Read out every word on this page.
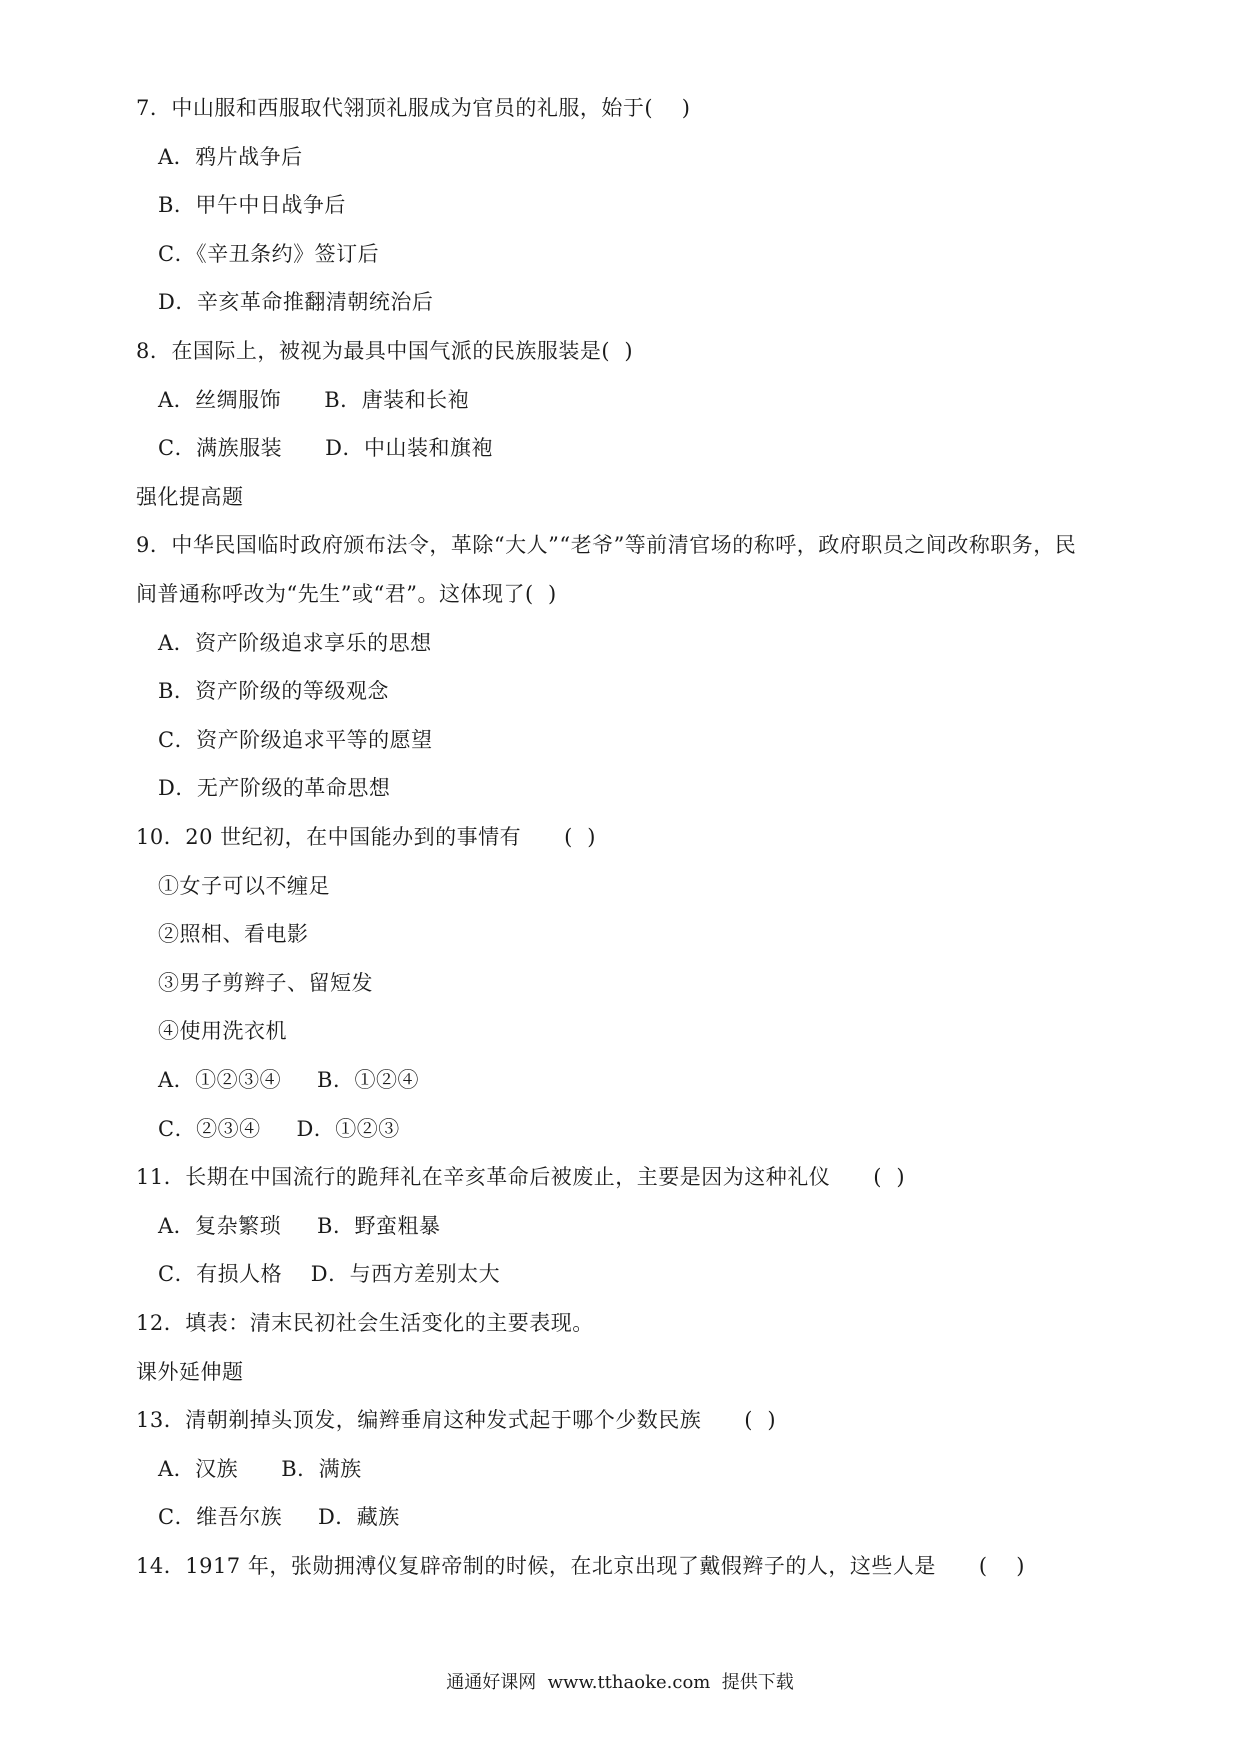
7．中山服和西服取代翎顶礼服成为官员的礼服，始于(    )
A．鸦片战争后
B．甲午中日战争后
C．《辛丑条约》签订后
D．辛亥革命推翻清朝统治后
8．在国际上，被视为最具中国气派的民族服装是(  )
A．丝绸服饰      B．唐装和长袍
C．满族服装      D．中山装和旗袍
强化提高题
9．中华民国临时政府颁布法令，革除“大人”“老爷”等前清官场的称呼，政府职员之间改称职务，民
间普通称呼改为“先生”或“君”。这体现了(  )
A．资产阶级追求享乐的思想
B．资产阶级的等级观念
C．资产阶级追求平等的愿望
D．无产阶级的革命思想
10．20 世纪初，在中国能办到的事情有      (  )
①女子可以不缠足
②照相、看电影
③男子剪辫子、留短发
④使用洗衣机
A．①②③④     B．①②④
C．②③④     D．①②③
11．长期在中国流行的跪拜礼在辛亥革命后被废止，主要是因为这种礼仪      (  )
A．复杂繁琐     B．野蛮粗暴
C．有损人格    D．与西方差别太大
12．填表：清末民初社会生活变化的主要表现。
课外延伸题
13．清朝剃掉头顶发，编辫垂肩这种发式起于哪个少数民族      (  )
A．汉族      B．满族
C．维吾尔族     D．藏族
14．1917 年，张勋拥溥仪复辟帝制的时候，在北京出现了戴假辫子的人，这些人是      (    )
通通好课网  www.tthaoke.com  提供下载
